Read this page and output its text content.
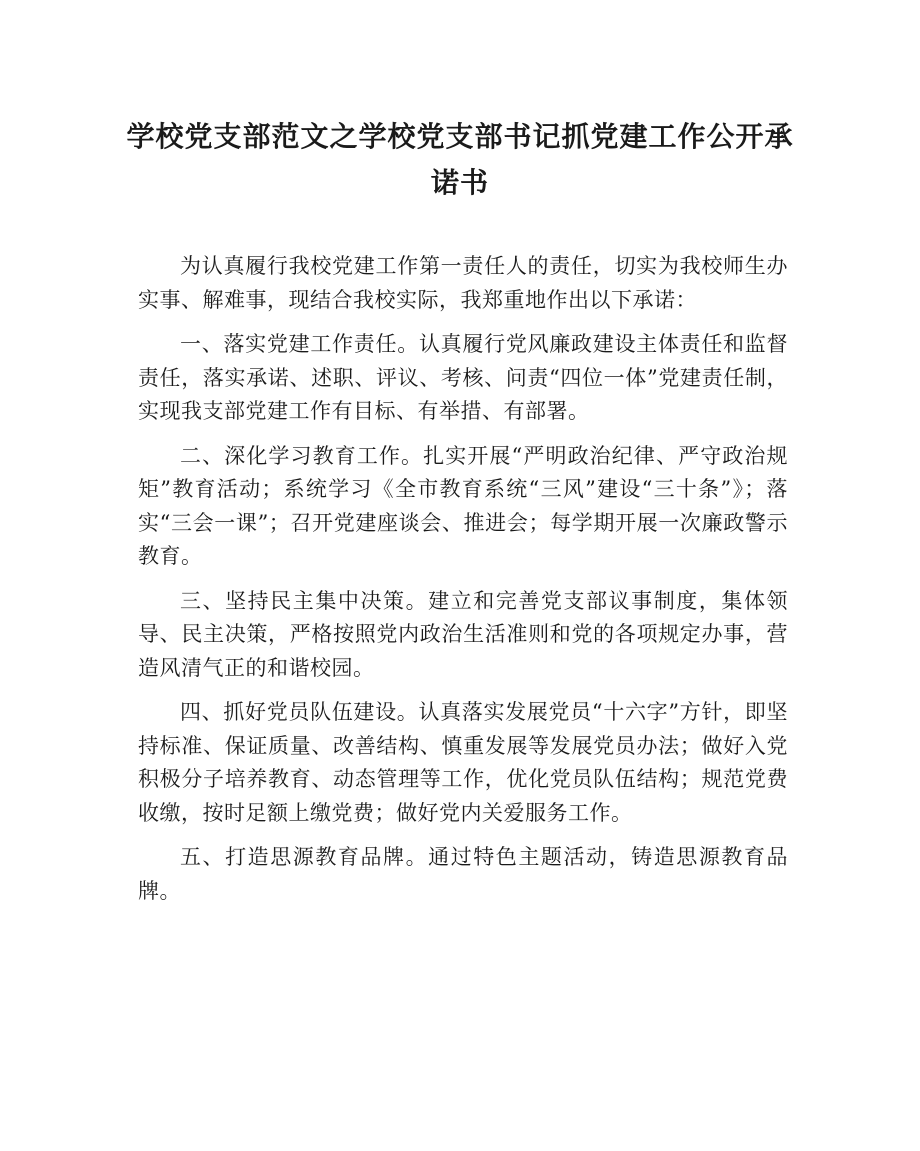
学校党支部范文之学校党支部书记抓党建工作公开承
诺书

为认真履行我校党建工作第一责任人的责任，切实为我校师生办实事、解难事，现结合我校实际，我郑重地作出以下承诺：

一、落实党建工作责任。认真履行党风廉政建设主体责任和监督责任，落实承诺、述职、评议、考核、问责“四位一体”党建责任制，实现我支部党建工作有目标、有举措、有部署。

二、深化学习教育工作。扎实开展“严明政治纪律、严守政治规矩”教育活动；系统学习《全市教育系统“三风”建设“三十条”》；落实“三会一课”；召开党建座谈会、推进会；每学期开展一次廉政警示教育。

三、坚持民主集中决策。建立和完善党支部议事制度，集体领导、民主决策，严格按照党内政治生活准则和党的各项规定办事，营造风清气正的和谐校园。

四、抓好党员队伍建设。认真落实发展党员“十六字”方针，即坚持标准、保证质量、改善结构、慎重发展等发展党员办法；做好入党积极分子培养教育、动态管理等工作，优化党员队伍结构；规范党费收缴，按时足额上缴党费；做好党内关爱服务工作。

五、打造思源教育品牌。通过特色主题活动，铸造思源教育品牌。
